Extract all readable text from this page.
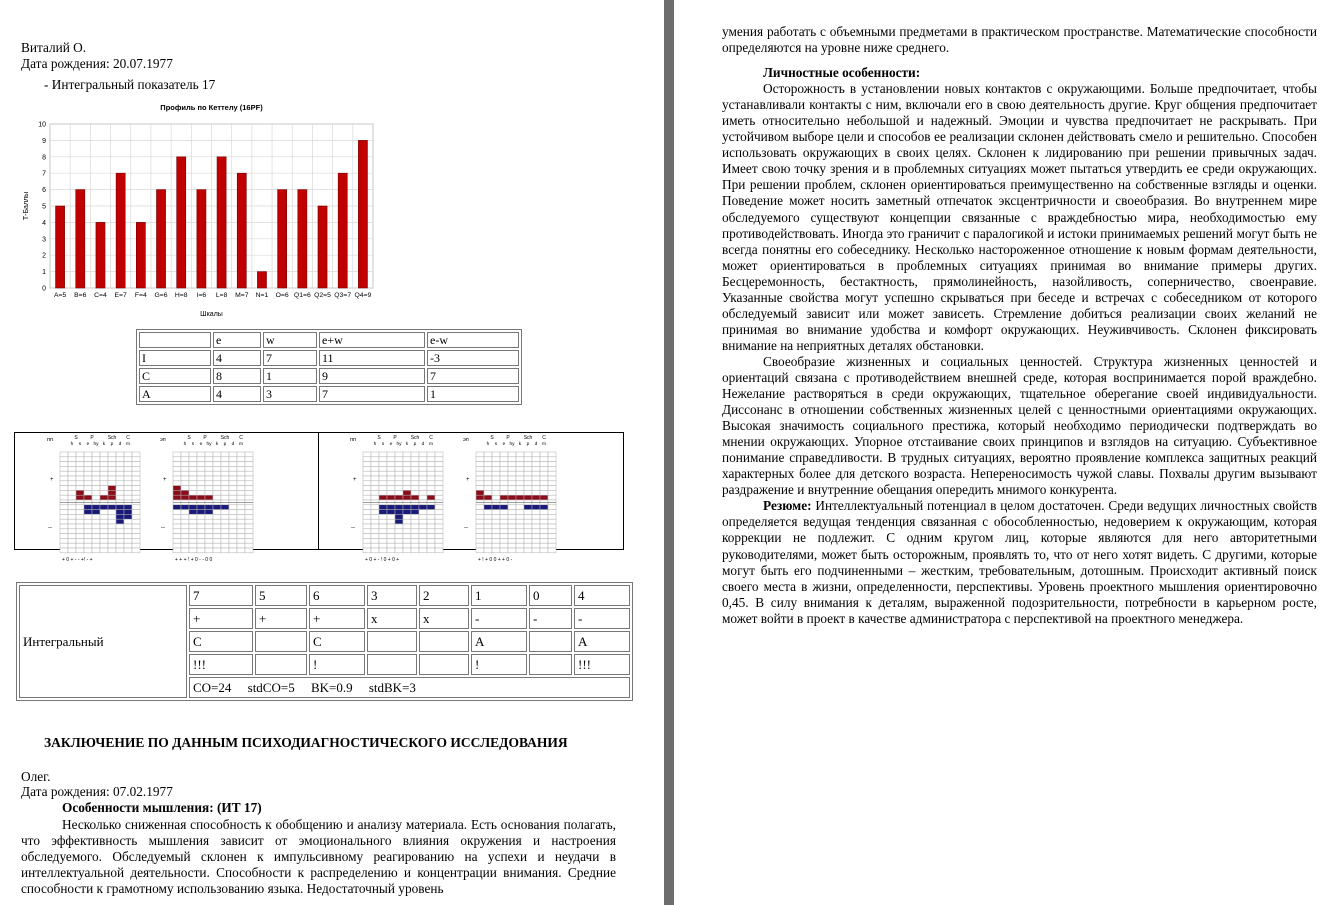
Виталий О.
Дата рождения: 20.07.1977
- Интегральный показатель 17
Профиль по Кеттелу (16PF)
0
1
2
3
4
5
6
7
8
9
10
A=5 B=6 C=4 E=7 F=4 G=6 H=8 I=6 L=8 M=7 N=1 O=6 Q1=6 Q2=5 Q3=7 Q4=9
Шкалы
Т-Баллы
	e	w	e+w	e-w
I	4	7	11	-3
C	8	1	9	7
A	4	3	7	1
пп	S	P	Sch C
h s e hy k p d m
+
--
+ 0 + - - +! - +
эп	S	P	Sch C
h s e hy k p d m
+
--
+ + + ! + 0 - - 0 0
пп	S	P	Sch C
h s e hy k p d m
+
--
+ 0 + - ! 0 + 0 +
эп	S	P	Sch C
h s e hy k p d m
+
--
+ ! + 0 0 + + 0 -
Интегральный	7	5	6	3	2	1	0	4
	+	+	+	x	x	-	-	-
	C		C			A		A
	!!!		!			!		!!!
	CO=24     stdCO=5     BK=0.9     stdBK=3							
ЗАКЛЮЧЕНИЕ ПО ДАННЫМ ПСИХОДИАГНОСТИЧЕСКОГО ИССЛЕДОВАНИЯ
Олег.
Дата рождения: 07.02.1977
Особенности мышления: (ИТ 17)

Несколько сниженная способность к обобщению и анализу материала. Есть основания полагать, что эффективность мышления зависит от эмоционального влияния окружения и настроения обследуемого. Обследуемый склонен к импульсивному реагированию на успехи и неудачи в интеллектуальной деятельности. Способности к распределению и концентрации внимания. Средние способности к грамотному использованию языка. Недостаточный уровень

умения работать с объемными предметами в практическом пространстве. Математические способности определяются на уровне ниже среднего.

Личностные особенности:

Осторожность в установлении новых контактов с окружающими. Больше предпочитает, чтобы устанавливали контакты с ним, включали его в свою деятельность другие. Круг общения предпочитает иметь относительно небольшой и надежный. Эмоции и чувства предпочитает не раскрывать. При устойчивом выборе цели и способов ее реализации склонен действовать смело и решительно. Способен использовать окружающих в своих целях. Склонен к лидированию при решении привычных задач. Имеет свою точку зрения и в проблемных ситуациях может пытаться утвердить ее среди окружающих. При решении проблем, склонен ориентироваться преимущественно на собственные взгляды и оценки. Поведение может носить заметный отпечаток эксцентричности и своеобразия. Во внутреннем мире обследуемого существуют концепции связанные с враждебностью мира, необходимостью ему противодействовать. Иногда это граничит с паралогикой и истоки принимаемых решений могут быть не всегда понятны его собеседнику. Несколько настороженное отношение к новым формам деятельности, может ориентироваться в проблемных ситуациях принимая во внимание примеры других. Бесцеремонность, бестактность, прямолинейность, назойливость, соперничество, своенравие. Указанные свойства могут успешно скрываться при беседе и встречах с собеседником от которого обследуемый зависит или может зависеть. Стремление добиться реализации своих желаний не принимая во внимание удобства и комфорт окружающих. Неуживчивость. Склонен фиксировать внимание на неприятных деталях обстановки.

Своеобразие жизненных и социальных ценностей. Структура жизненных ценностей и ориентаций связана с противодействием внешней среде, которая воспринимается порой враждебно. Нежелание растворяться в среди окружающих, тщательное оберегание своей индивидуальности. Диссонанс в отношении собственных жизненных целей с ценностными ориентациями окружающих. Высокая значимость социального престижа, который необходимо периодически подтверждать во мнении окружающих. Упорное отстаивание своих принципов и взглядов на ситуацию. Субъективное понимание справедливости. В трудных ситуациях, вероятно проявление комплекса защитных реакций характерных более для детского возраста. Непереносимость чужой славы. Похвалы другим вызывают раздражение и внутренние обещания опередить мнимого конкурента.

Резюме: Интеллектуальный потенциал в целом достаточен. Среди ведущих личностных свойств определяется ведущая тенденция связанная с обособленностью, недоверием к окружающим, которая коррекции не подлежит. С одним кругом лиц, которые являются для него авторитетными руководителями, может быть осторожным, проявлять то, что от него хотят видеть. С другими, которые могут быть его подчиненными – жестким, требовательным, дотошным. Происходит активный поиск своего места в жизни, определенности, перспективы. Уровень проектного мышления ориентировочно 0,45. В силу внимания к деталям, выраженной подозрительности, потребности в карьерном росте, может войти в проект в качестве администратора с перспективой на проектного менеджера.
